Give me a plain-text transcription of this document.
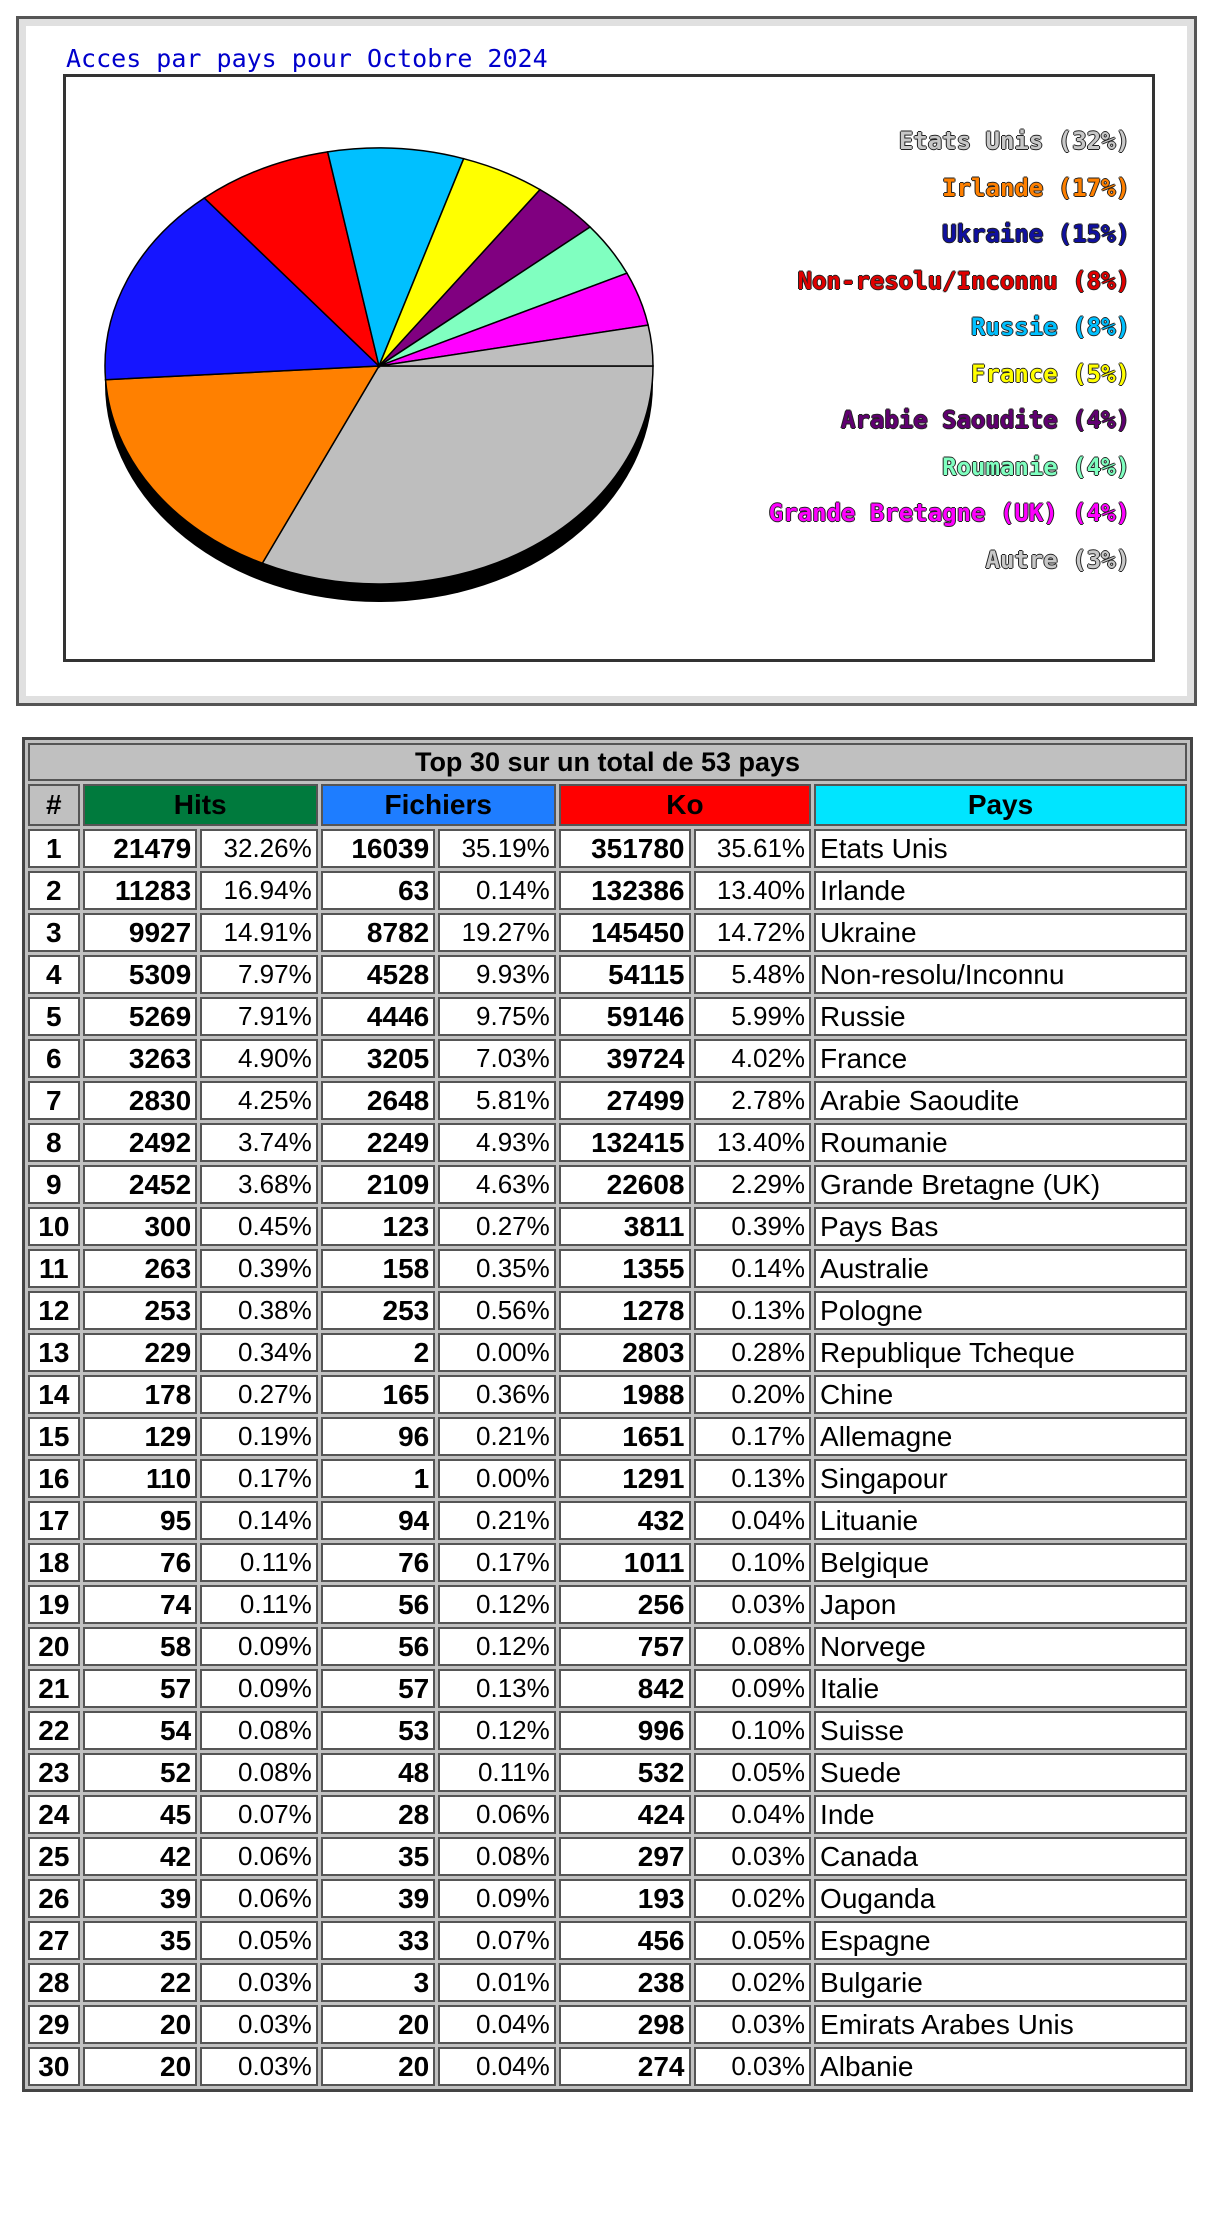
Acces par pays pour Octobre 2024
Etats Unis (32%)
Irlande (17%)
Ukraine (15%)
Non-resolu/Inconnu (8%)
Russie (8%)
France (5%)
Arabie Saoudite (4%)
Roumanie (4%)
Grande Bretagne (UK) (4%)
Autre (3%)
Top 30 sur un total de 53 pays							
#	Hits		Fichiers		Ko		Pays
1	21479	32.26%	16039	35.19%	351780	35.61%	Etats Unis
2	11283	16.94%	63	0.14%	132386	13.40%	Irlande
3	9927	14.91%	8782	19.27%	145450	14.72%	Ukraine
4	5309	7.97%	4528	9.93%	54115	5.48%	Non-resolu/Inconnu
5	5269	7.91%	4446	9.75%	59146	5.99%	Russie
6	3263	4.90%	3205	7.03%	39724	4.02%	France
7	2830	4.25%	2648	5.81%	27499	2.78%	Arabie Saoudite
8	2492	3.74%	2249	4.93%	132415	13.40%	Roumanie
9	2452	3.68%	2109	4.63%	22608	2.29%	Grande Bretagne (UK)
10	300	0.45%	123	0.27%	3811	0.39%	Pays Bas
11	263	0.39%	158	0.35%	1355	0.14%	Australie
12	253	0.38%	253	0.56%	1278	0.13%	Pologne
13	229	0.34%	2	0.00%	2803	0.28%	Republique Tcheque
14	178	0.27%	165	0.36%	1988	0.20%	Chine
15	129	0.19%	96	0.21%	1651	0.17%	Allemagne
16	110	0.17%	1	0.00%	1291	0.13%	Singapour
17	95	0.14%	94	0.21%	432	0.04%	Lituanie
18	76	0.11%	76	0.17%	1011	0.10%	Belgique
19	74	0.11%	56	0.12%	256	0.03%	Japon
20	58	0.09%	56	0.12%	757	0.08%	Norvege
21	57	0.09%	57	0.13%	842	0.09%	Italie
22	54	0.08%	53	0.12%	996	0.10%	Suisse
23	52	0.08%	48	0.11%	532	0.05%	Suede
24	45	0.07%	28	0.06%	424	0.04%	Inde
25	42	0.06%	35	0.08%	297	0.03%	Canada
26	39	0.06%	39	0.09%	193	0.02%	Ouganda
27	35	0.05%	33	0.07%	456	0.05%	Espagne
28	22	0.03%	3	0.01%	238	0.02%	Bulgarie
29	20	0.03%	20	0.04%	298	0.03%	Emirats Arabes Unis
30	20	0.03%	20	0.04%	274	0.03%	Albanie
